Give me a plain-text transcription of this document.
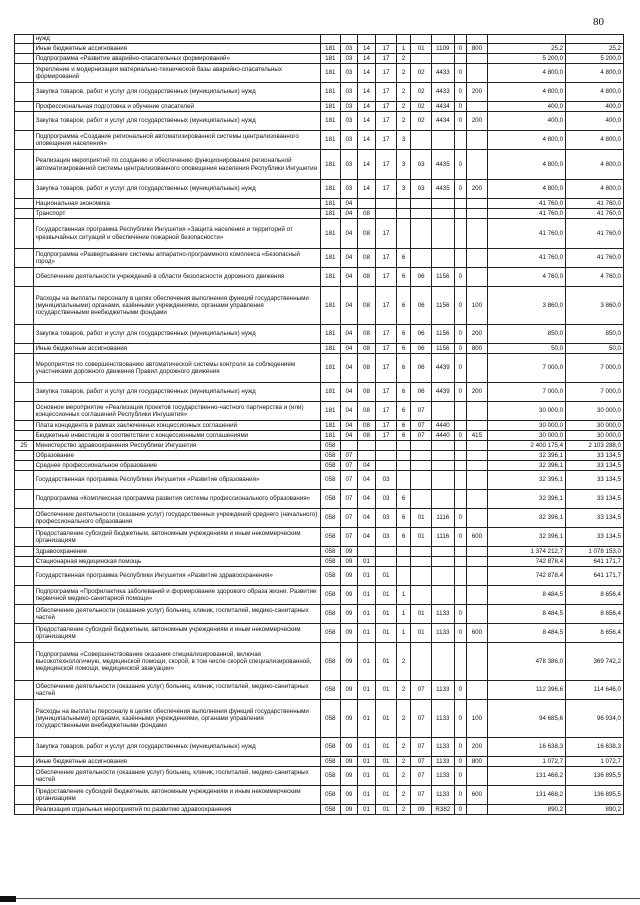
80
	нужд											
	Иные бюджетные ассигнования	181	03	14	17	1	01	1109	0	800	25,2	25,2
	Подпрограмма «Развитие аварийно-спасательных формирований»	181	03	14	17	2					5 200,0	5 200,0
	Укрепление и модернизация материально-технической базы аварийно-спасательных формирований	181	03	14	17	2	02	4433	0		4 800,0	4 800,0
	Закупка товаров, работ и услуг для государственных (муниципальных) нужд	181	03	14	17	2	02	4433	0	200	4 800,0	4 800,0
	Профессиональная подготовка и обучение спасателей	181	03	14	17	2	02	4434	0		400,0	400,0
	Закупка товаров, работ и услуг для государственных (муниципальных) нужд	181	03	14	17	2	02	4434	0	200	400,0	400,0
	Подпрограмма «Создание региональной автоматизированной системы централизованного оповещения населения»	181	03	14	17	3					4 800,0	4 800,0
	Реализация мероприятий по созданию и обеспечению функционирования региональной автоматизированной системы централизованного оповещения населения Республики Ингушетия	181	03	14	17	3	03	4435	0		4 800,0	4 800,0
	Закупка товаров, работ и услуг для государственных (муниципальных) нужд	181	03	14	17	3	03	4435	0	200	4 800,0	4 800,0
	Национальная экономика	181	04								41 760,0	41 760,0
	Транспорт	181	04	08							41 760,0	41 760,0
	Государственная программа Республики Ингушетия «Защита населения и территорий от чрезвычайных ситуаций и обеспечение пожарной безопасности»	181	04	08	17						41 760,0	41 760,0
	Подпрограмма «Развертывание системы аппаратно-программного комплекса «Безопасный город»	181	04	08	17	6					41 760,0	41 760,0
	Обеспечение деятельности учреждений в области безопасности дорожного движения	181	04	08	17	6	06	1156	0		4 760,0	4 760,0
	Расходы на выплаты персоналу в целях обеспечения выполнения функций государственными (муниципальными) органами, казёнными учреждениями, органами управления государственными внебюджетными фондами	181	04	08	17	6	06	1156	0	100	3 860,0	3 860,0
	Закупка товаров, работ и услуг для государственных (муниципальных) нужд	181	04	08	17	6	06	1156	0	200	850,0	850,0
	Иные бюджетные ассигнования	181	04	08	17	6	06	1156	0	800	50,0	50,0
	Мероприятия по совершенствованию автоматической системы контроля за соблюдением участниками дорожного движения Правил дорожного движения	181	04	08	17	6	06	4439	0		7 000,0	7 000,0
	Закупка товаров, работ и услуг для государственных (муниципальных) нужд	181	04	08	17	6	06	4439	0	200	7 000,0	7 000,0
	Основное мероприятие «Реализация проектов государственно-частного партнерства и (или) концессионных соглашений Республики Ингушетия»	181	04	08	17	6	07				30 000,0	30 000,0
	Плата концедента в рамках заключенных концессионных соглашений	181	04	08	17	6	07	4440			30 000,0	30 000,0
	Бюджетные инвестиции в соответствии с концессионными соглашениями	181	04	08	17	6	07	4440	0	415	30 000,0	30 000,0
25	Министерство здравоохранения Республики Ингушетия	058									2 400 175,4	2 103 288,0
	Образование	058	07								32 396,1	33 134,5
	Среднее профессиональное образование	058	07	04							32 396,1	33 134,5
	Государственная программа Республики Ингушетия «Развитие образования»	058	07	04	03						32 396,1	33 134,5
	Подпрограмма «Комплексная программа развития системы профессионального образования»	058	07	04	03	6					32 396,1	33 134,5
	Обеспечение деятельности (оказание услуг) государственных учреждений среднего (начального) профессионального образования	058	07	04	03	6	01	1116	0		32 396,1	33 134,5
	Предоставление субсидий бюджетным, автономным учреждениям и иным некоммерческим организациям	058	07	04	03	6	01	1116	0	600	32 396,1	33 134,5
	Здравоохранение	058	09								1 374 212,7	1 078 153,0
	Стационарная медицинская помощь	058	09	01							742 878,4	641 171,7
	Государственная программа Республики Ингушетия «Развитие здравоохранения»	058	09	01	01						742 878,4	641 171,7
	Подпрограмма «Профилактика заболеваний и формирование здорового образа жизни. Развитие первичной медико-санитарной помощи»	058	09	01	01	1					8 484,5	8 656,4
	Обеспечение деятельности (оказание услуг) больниц, клиник, госпиталей, медико-санитарных частей	058	09	01	01	1	01	1133	0		8 484,5	8 656,4
	Предоставление субсидий бюджетным, автономным учреждениям и иным некоммерческим организациям	058	09	01	01	1	01	1133	0	600	8 484,5	8 656,4
	Подпрограмма «Совершенствование оказания специализированной, включая высокотехнологичную, медицинской помощи, скорой, в том числе скорой специализированной, медицинской помощи, медицинской эвакуации»	058	09	01	01	2					478 386,0	369 742,2
	Обеспечение деятельности (оказание услуг) больниц, клиник, госпиталей, медико-санитарных частей	058	09	01	01	2	07	1133	0		112 396,6	114 646,0
	Расходы на выплаты персоналу в целях обеспечения выполнения функций государственными (муниципальными) органами, казёнными учреждениями, органами управления государственными внебюджетными фондами	058	09	01	01	2	07	1133	0	100	94 685,6	96 934,0
	Закупка товаров, работ и услуг для государственных (муниципальных) нужд	058	09	01	01	2	07	1133	0	200	16 638,3	16 638,3
	Иные бюджетные ассигнования	058	09	01	01	2	07	1133	0	800	1 072,7	1 072,7
	Обеспечение деятельности (оказание услуг) больниц, клиник, госпиталей, медико-санитарных частей	058	09	01	01	2	07	1133	0		131 468,2	136 895,5
	Предоставление субсидий бюджетным, автономным учреждениям и иным некоммерческим организациям	058	09	01	01	2	07	1133	0	600	131 468,2	136 895,5
	Реализация отдельных мероприятий по развитию здравоохранения	058	09	01	01	2	09	R382	0		890,2	890,2
